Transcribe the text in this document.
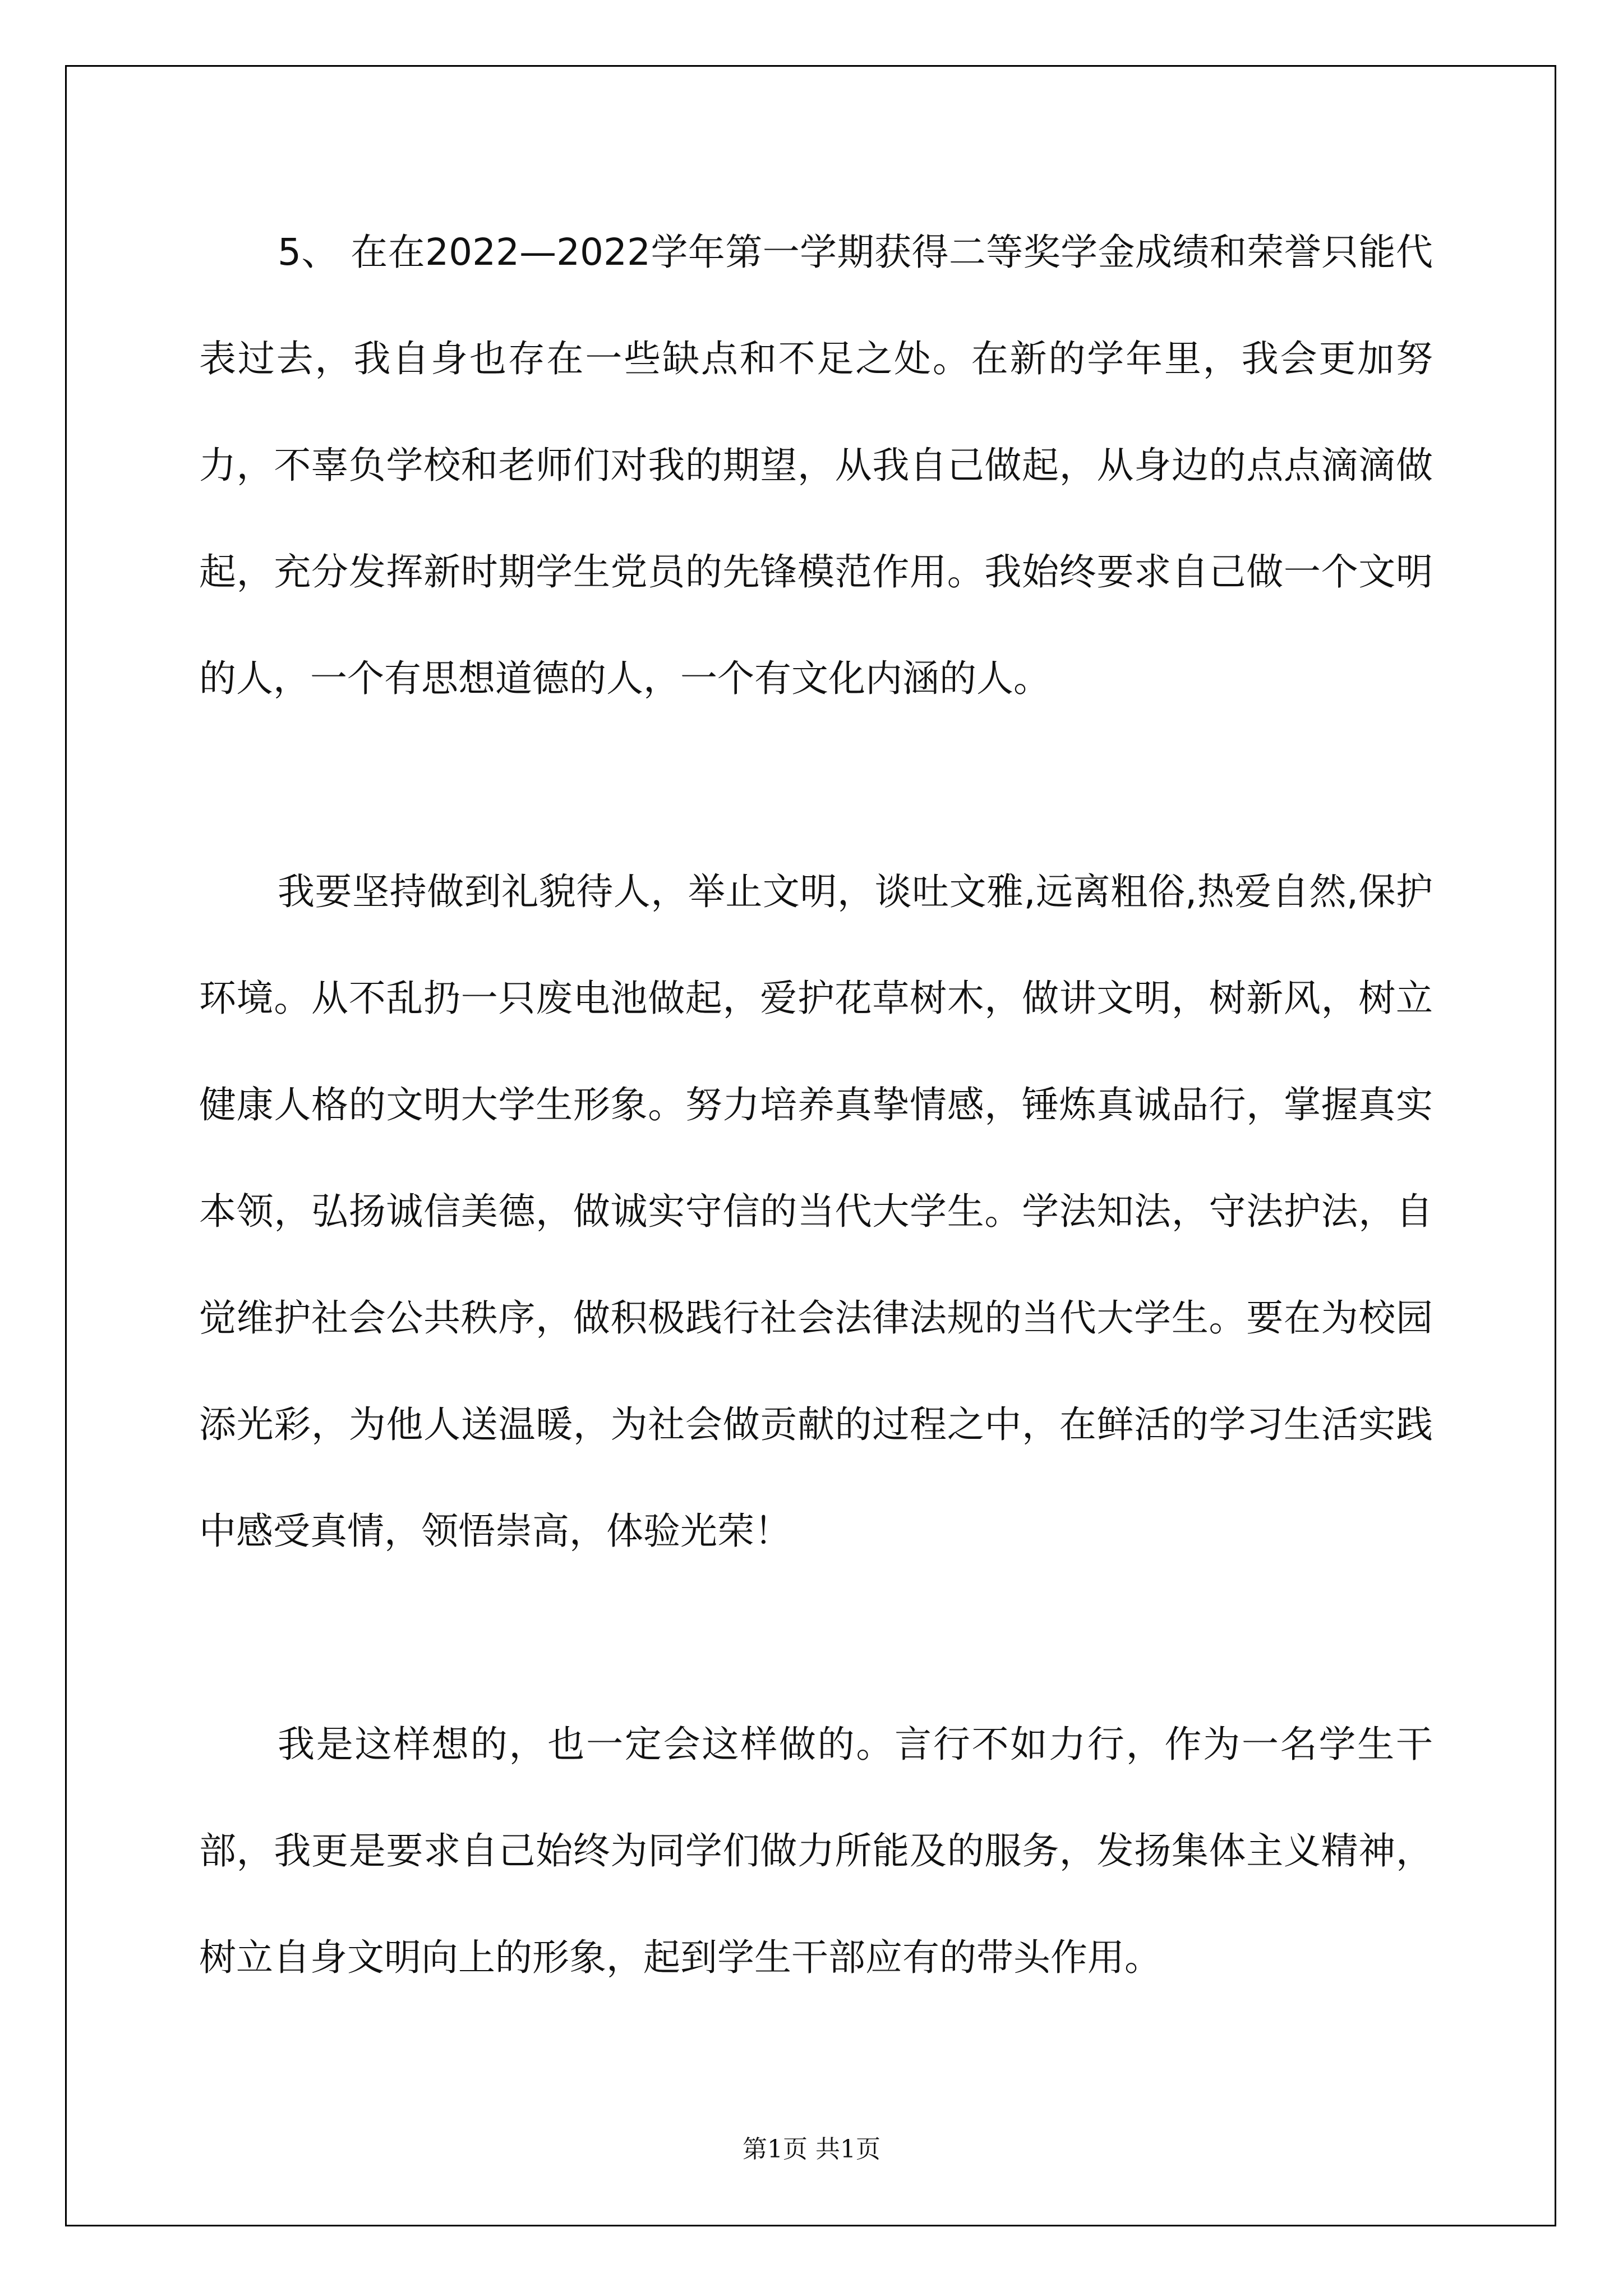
5、 在在2022—2022学年第一学期获得二等奖学金成绩和荣誉只能代表过去，我自身也存在一些缺点和不足之处。在新的学年里，我会更加努力，不辜负学校和老师们对我的期望，从我自己做起，从身边的点点滴滴做起，充分发挥新时期学生党员的先锋模范作用。我始终要求自己做一个文明的人，一个有思想道德的人，一个有文化内涵的人。

我要坚持做到礼貌待人，举止文明，谈吐文雅,远离粗俗,热爱自然,保护环境。从不乱扔一只废电池做起，爱护花草树木，做讲文明，树新风，树立健康人格的文明大学生形象。努力培养真挚情感，锤炼真诚品行，掌握真实本领，弘扬诚信美德，做诚实守信的当代大学生。学法知法，守法护法，自觉维护社会公共秩序，做积极践行社会法律法规的当代大学生。要在为校园添光彩，为他人送温暖，为社会做贡献的过程之中，在鲜活的学习生活实践中感受真情，领悟崇高，体验光荣！

我是这样想的，也一定会这样做的。言行不如力行，作为一名学生干部，我更是要求自己始终为同学们做力所能及的服务，发扬集体主义精神，树立自身文明向上的形象，起到学生干部应有的带头作用。

第1页 共1页
